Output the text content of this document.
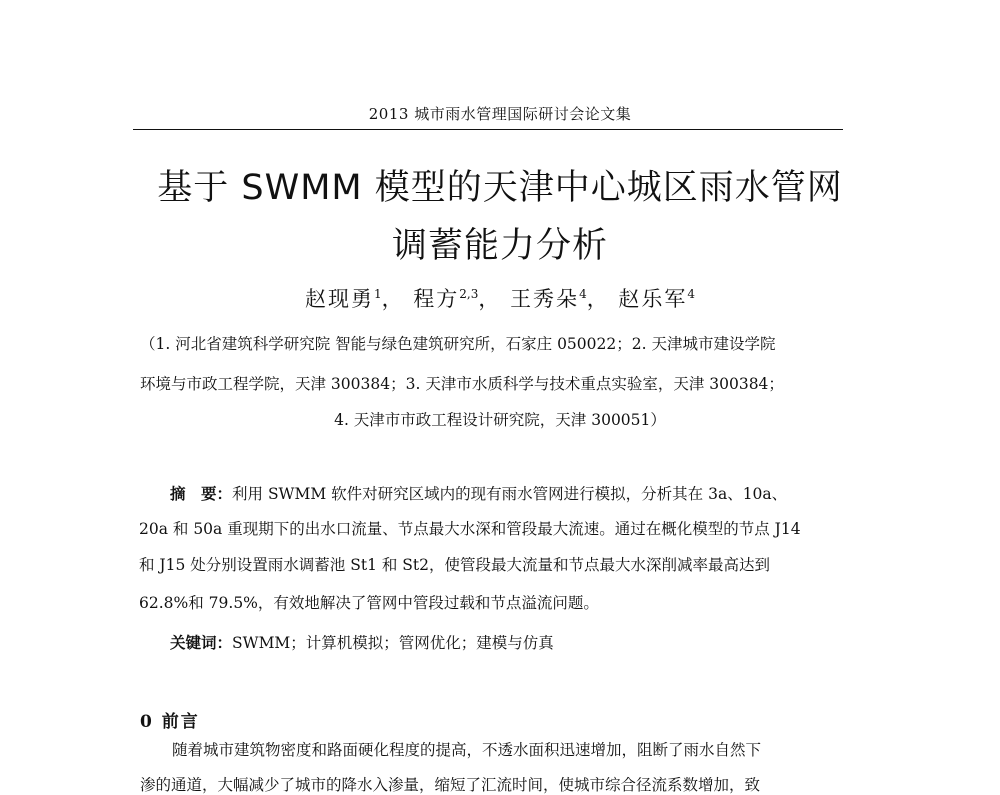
2013 城市雨水管理国际研讨会论文集
基于 SWMM 模型的天津中心城区雨水管网
调蓄能力分析
赵现勇$^1$， 程方$^{2,3}$， 王秀朵$^4$， 赵乐军$^4$
（1. 河北省建筑科学研究院 智能与绿色建筑研究所，石家庄 050022；2. 天津城市建设学院
环境与市政工程学院，天津 300384；3. 天津市水质科学与技术重点实验室，天津 300384；
4. 天津市市政工程设计研究院，天津 300051）
摘　要：利用 SWMM 软件对研究区域内的现有雨水管网进行模拟，分析其在 3a、10a、
20a 和 50a 重现期下的出水口流量、节点最大水深和管段最大流速。通过在概化模型的节点 J14
和 J15 处分别设置雨水调蓄池 St1 和 St2，使管段最大流量和节点最大水深削减率最高达到
62.8%和 79.5%，有效地解决了管网中管段过载和节点溢流问题。
关键词：SWMM；计算机模拟；管网优化；建模与仿真
0 前言
随着城市建筑物密度和路面硬化程度的提高，不透水面积迅速增加，阻断了雨水自然下
渗的通道，大幅减少了城市的降水入渗量，缩短了汇流时间，使城市综合径流系数增加，致
